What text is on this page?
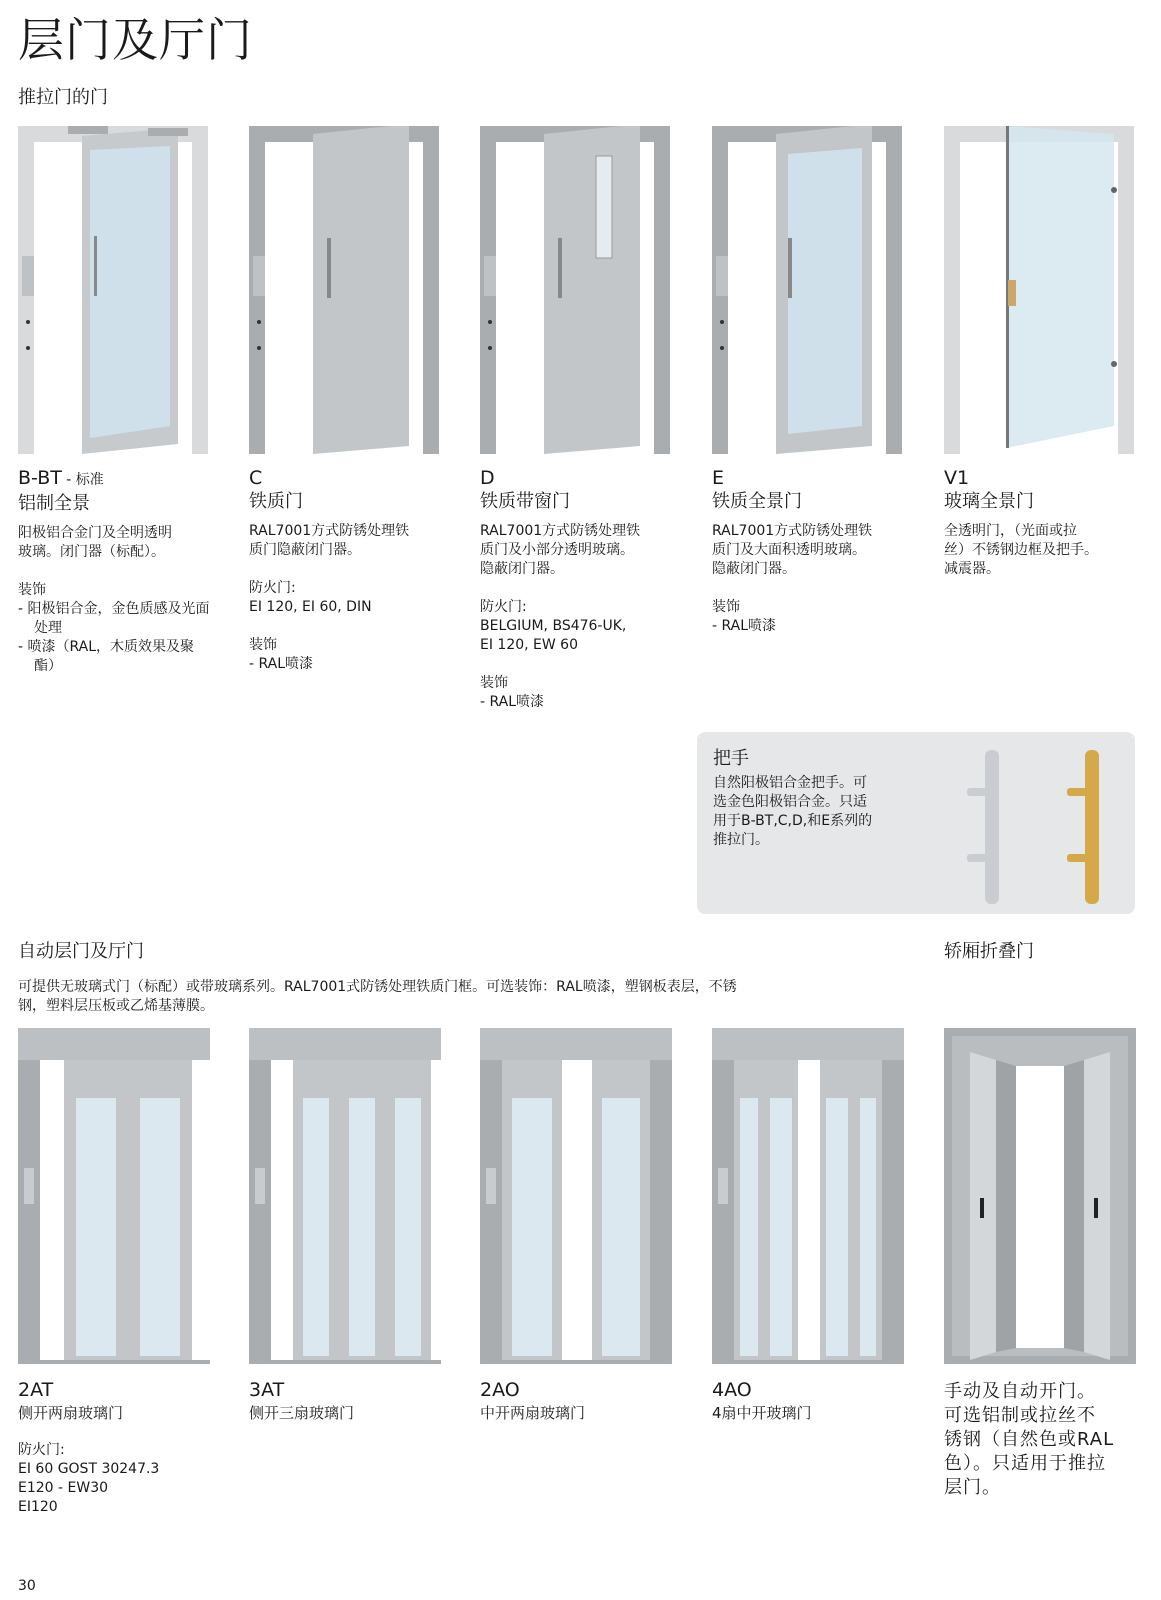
层门及厅门
推拉门的门
B-BT - 标准
铝制全景

阳极铝合金门及全明透明

玻璃。闭门器（标配）。

装饰

- 阳极铝合金，金色质感及光面处理

- 喷漆（RAL，木质效果及聚酯）

C
铁质门

RAL7001方式防锈处理铁

质门隐蔽闭门器。

防火门:

EI 120, EI 60, DIN

装饰

- RAL喷漆

D
铁质带窗门

RAL7001方式防锈处理铁

质门及小部分透明玻璃。

隐蔽闭门器。

防火门:

BELGIUM, BS476-UK,

EI 120, EW 60

装饰

- RAL喷漆

E
铁质全景门

RAL7001方式防锈处理铁

质门及大面积透明玻璃。

隐蔽闭门器。

装饰

- RAL喷漆

V1
玻璃全景门

全透明门，（光面或拉

丝）不锈钢边框及把手。

减震器。

把手

自然阳极铝合金把手。可

选金色阳极铝合金。只适

用于B-BT,C,D,和E系列的

推拉门。

自动层门及厅门	轿厢折叠门

可提供无玻璃式门（标配）或带玻璃系列。RAL7001式防锈处理铁质门框。可选装饰：RAL喷漆，塑钢板表层，不锈

钢，塑料层压板或乙烯基薄膜。

2AT
侧开两扇玻璃门

防火门:

EI 60 GOST 30247.3

E120 - EW30

EI120

3AT
侧开三扇玻璃门
2AO
中开两扇玻璃门
4AO
4扇中开玻璃门
手动及自动开门。
可选铝制或拉丝不
锈钢（自然色或RAL
色）。只适用于推拉
层门。
30
